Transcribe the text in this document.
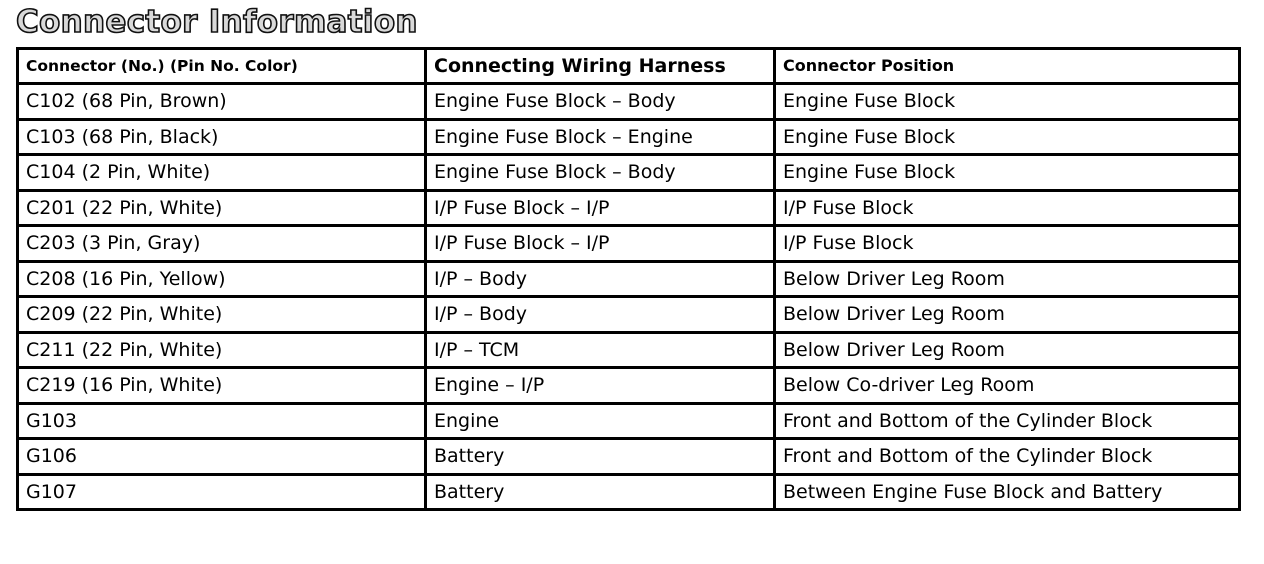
Connector Information
Connector (No.) (Pin No. Color)	Connecting Wiring Harness	Connector Position
C102 (68 Pin, Brown)	Engine Fuse Block – Body	Engine Fuse Block
C103 (68 Pin, Black)	Engine Fuse Block – Engine	Engine Fuse Block
C104 (2 Pin, White)	Engine Fuse Block – Body	Engine Fuse Block
C201 (22 Pin, White)	I/P Fuse Block – I/P	I/P Fuse Block
C203 (3 Pin, Gray)	I/P Fuse Block – I/P	I/P Fuse Block
C208 (16 Pin, Yellow)	I/P – Body	Below Driver Leg Room
C209 (22 Pin, White)	I/P – Body	Below Driver Leg Room
C211 (22 Pin, White)	I/P – TCM	Below Driver Leg Room
C219 (16 Pin, White)	Engine – I/P	Below Co-driver Leg Room
G103	Engine	Front and Bottom of the Cylinder Block
G106	Battery	Front and Bottom of the Cylinder Block
G107	Battery	Between Engine Fuse Block and Battery
